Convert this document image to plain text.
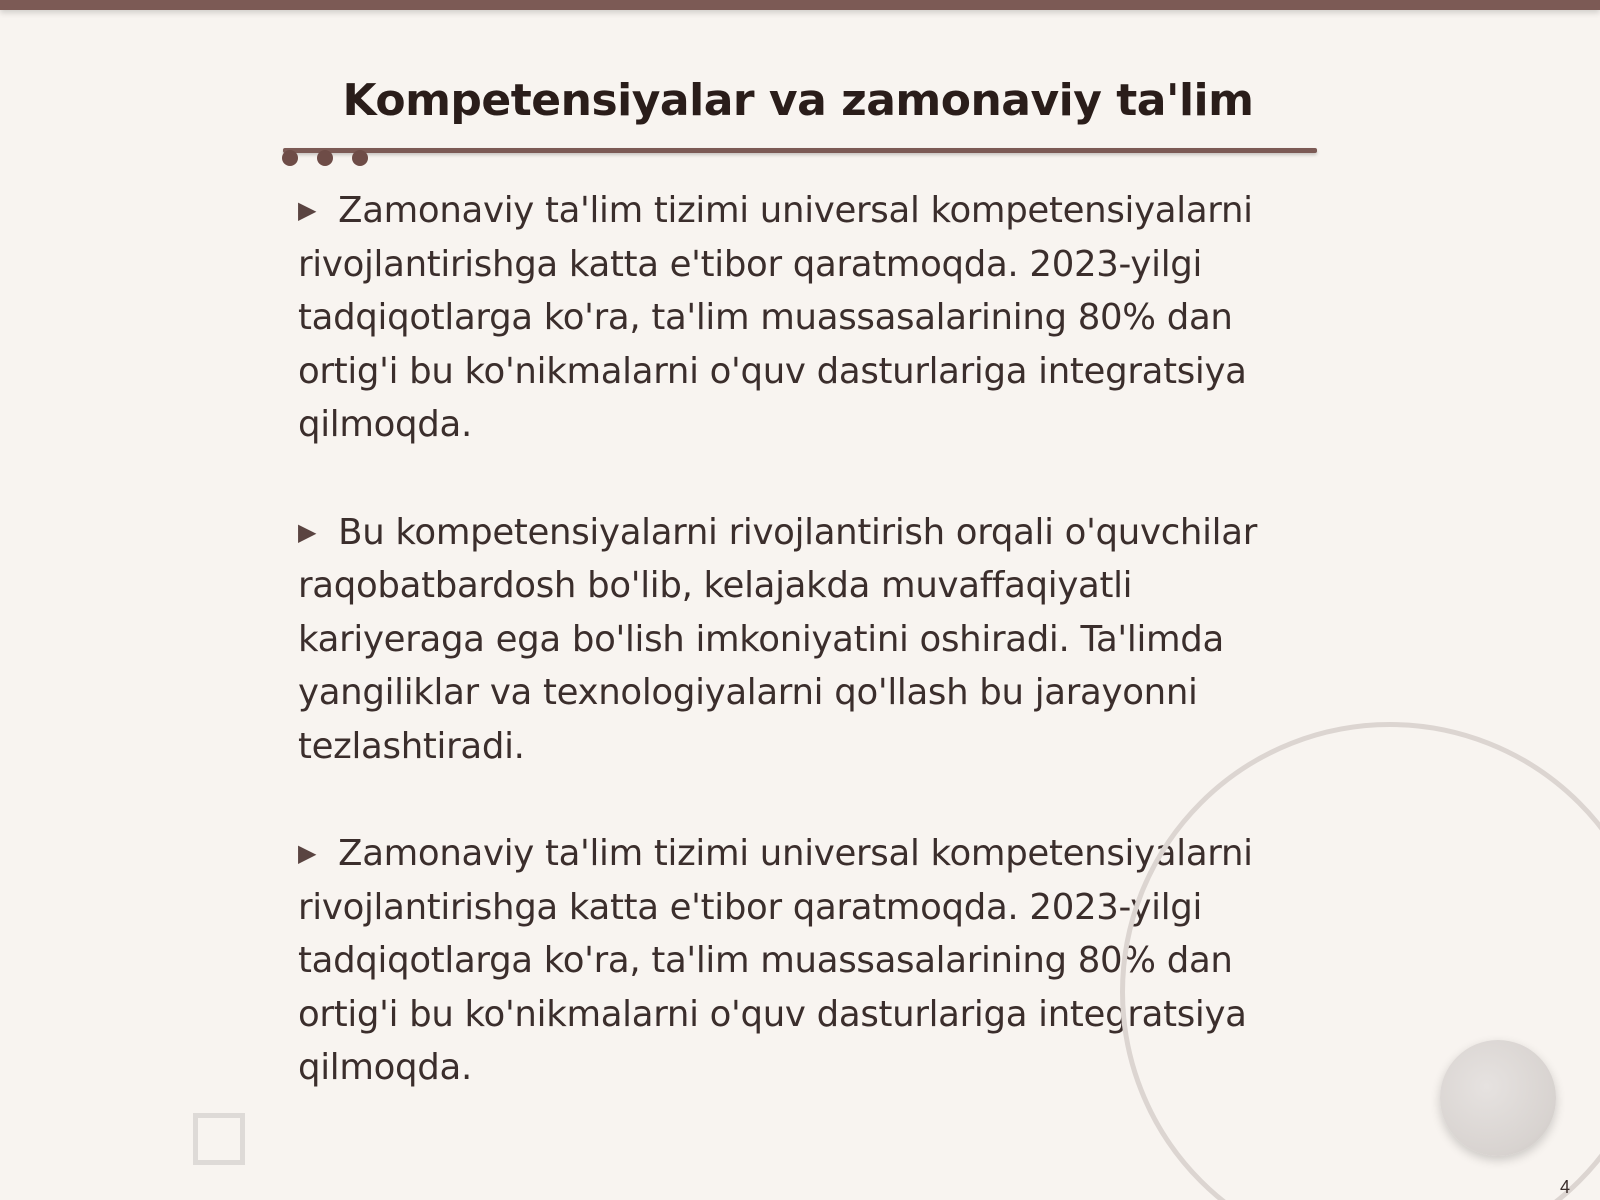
Kompetensiyalar va zamonaviy ta'lim

▶ Zamonaviy ta'lim tizimi universal kompetensiyalarni rivojlantirishga katta e'tibor qaratmoqda. 2023-yilgi tadqiqotlarga ko'ra, ta'lim muassasalarining 80% dan ortig'i bu ko'nikmalarni o'quv dasturlariga integratsiya qilmoqda.

▶ Bu kompetensiyalarni rivojlantirish orqali o'quvchilar raqobatbardosh bo'lib, kelajakda muvaffaqiyatli kariyeraga ega bo'lish imkoniyatini oshiradi. Ta'limda yangiliklar va texnologiyalarni qo'llash bu jarayonni tezlashtiradi.

▶ Zamonaviy ta'lim tizimi universal kompetensiyalarni rivojlantirishga katta e'tibor qaratmoqda. 2023-yilgi tadqiqotlarga ko'ra, ta'lim muassasalarining 80% dan ortig'i bu ko'nikmalarni o'quv dasturlariga integratsiya qilmoqda.

4
